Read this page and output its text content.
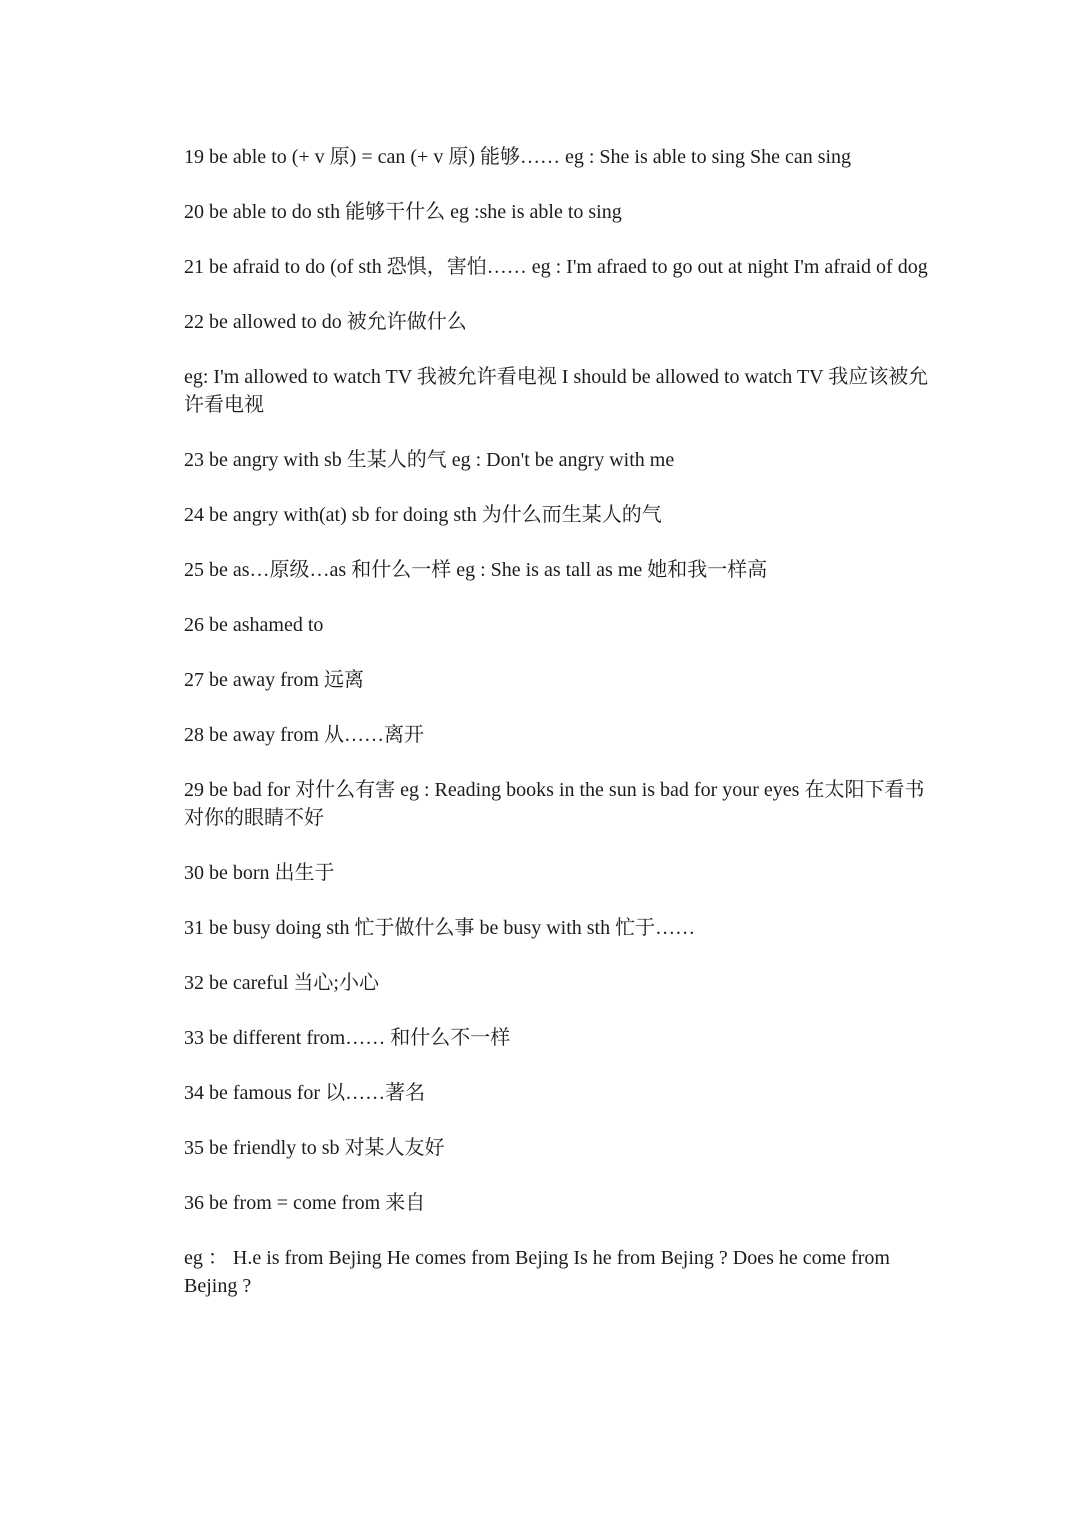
19 be able to (+ v 原) = can (+ v 原) 能够…… eg : She is able to sing She can sing
20 be able to do sth 能够干什么 eg :she is able to sing
21 be afraid to do (of sth 恐惧，害怕…… eg : I'm afraed to go out at night I'm afraid of dog
22 be allowed to do 被允许做什么
eg: I'm allowed to watch TV 我被允许看电视 I should be allowed to watch TV 我应该被允许看电视
23 be angry with sb 生某人的气 eg : Don't be angry with me
24 be angry with(at) sb for doing sth 为什么而生某人的气
25 be as…原级…as 和什么一样 eg : She is as tall as me 她和我一样高
26 be ashamed to
27 be away from 远离
28 be away from 从……离开
29 be bad for 对什么有害 eg : Reading books in the sun is bad for your eyes 在太阳下看书对你的眼睛不好
30 be born 出生于
31 be busy doing sth 忙于做什么事 be busy with sth 忙于……
32 be careful 当心;小心
33 be different from…… 和什么不一样
34 be famous for 以……著名
35 be friendly to sb 对某人友好
36 be from = come from 来自
eg ： H.e is from Bejing He comes from Bejing Is he from Bejing ? Does he come from Bejing ?
